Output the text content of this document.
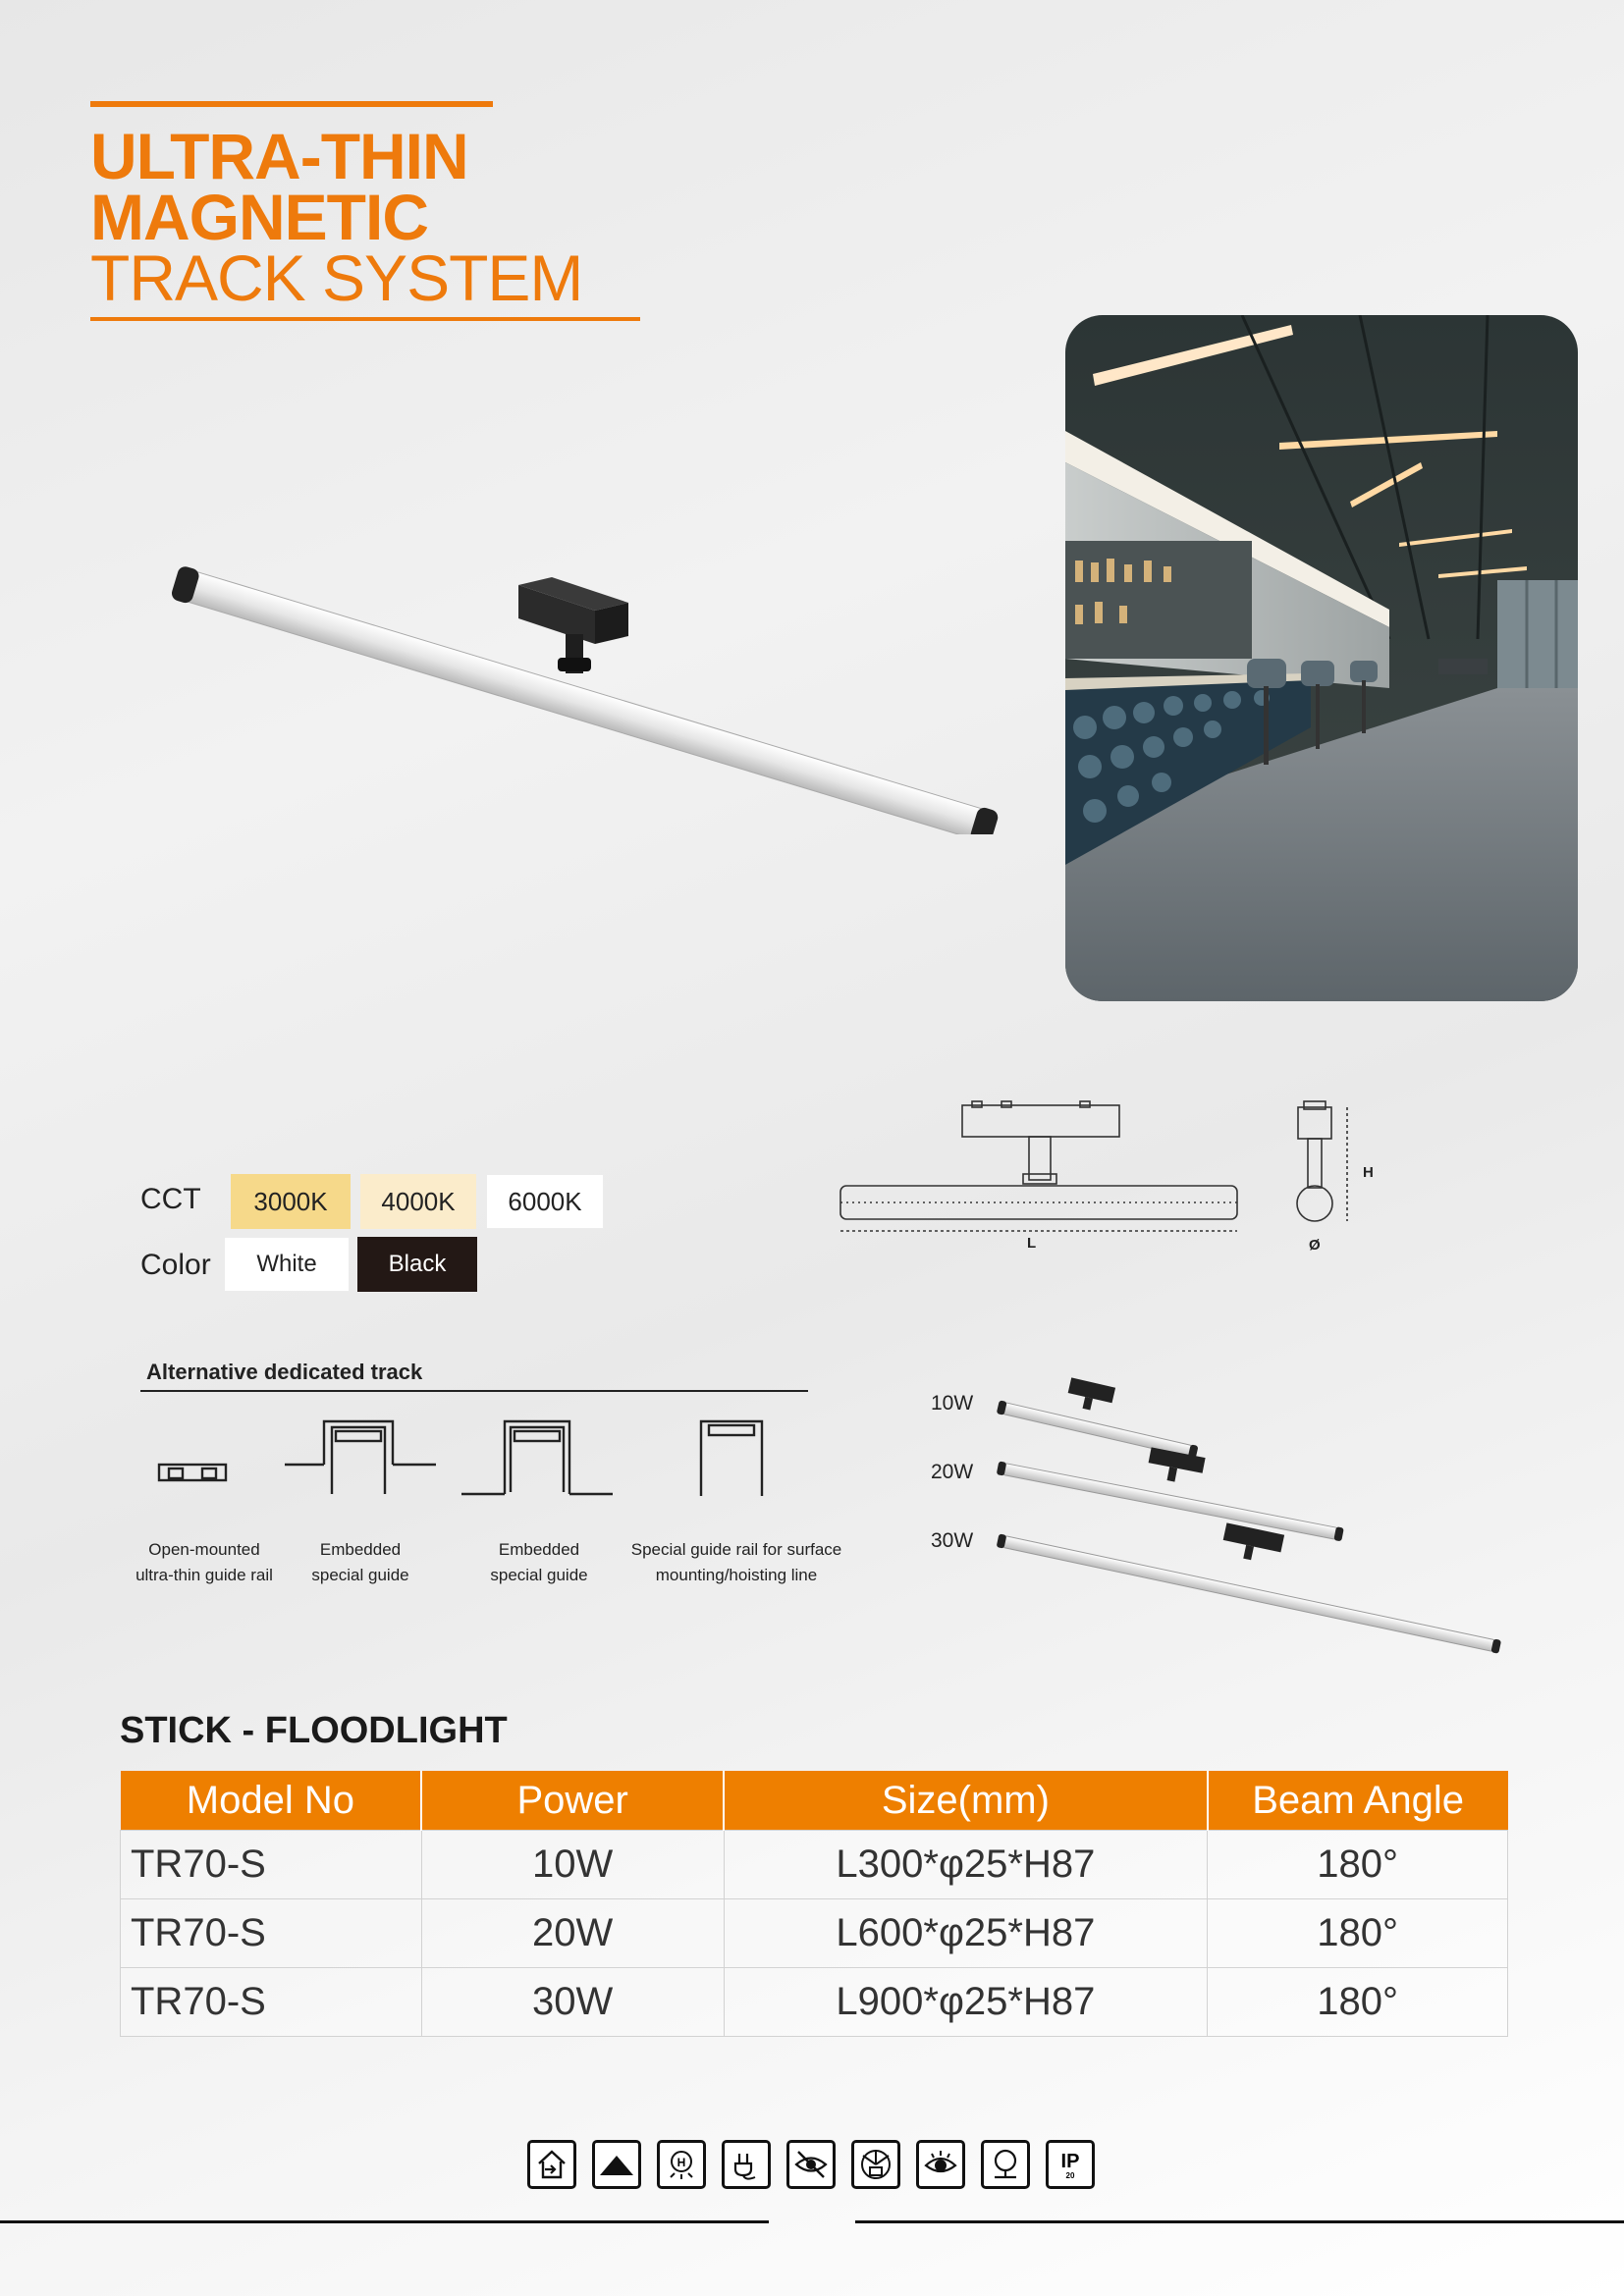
ULTRA-THIN
MAGNETIC
TRACK SYSTEM
L
H
Ø
CCT	3000K	4000K	6000K
Color	White	Black
Alternative dedicated track
Open-mounted
ultra-thin guide rail
Embedded
special guide
Embedded
special guide
Special guide rail for surface
mounting/hoisting line
10W
20W
30W
STICK - FLOODLIGHT
Model No	Power	Size(mm)	Beam Angle
TR70-S	10W	L300*φ25*H87	180°
TR70-S	20W	L600*φ25*H87	180°
TR70-S	30W	L900*φ25*H87	180°
H	IP
20
